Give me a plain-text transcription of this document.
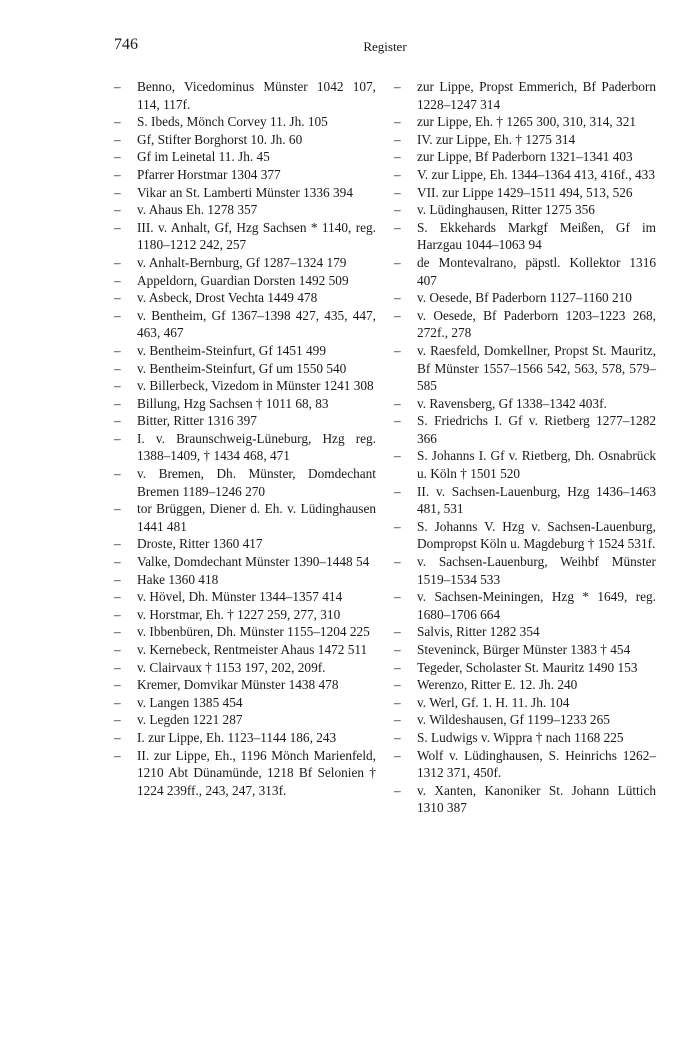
746	Register

– Benno, Vicedominus Münster 1042 107, 114, 117f.

– S. Ibeds, Mönch Corvey 11. Jh. 105

– Gf, Stifter Borghorst 10. Jh. 60

– Gf im Leinetal 11. Jh. 45

– Pfarrer Horstmar 1304 377

– Vikar an St. Lamberti Münster 1336 394

– v. Ahaus Eh. 1278 357

– III. v. Anhalt, Gf, Hzg Sachsen * 1140, reg. 1180–1212 242, 257

– v. Anhalt-Bernburg, Gf 1287–1324 179

– Appeldorn, Guardian Dorsten 1492 509

– v. Asbeck, Drost Vechta 1449 478

– v. Bentheim, Gf 1367–1398 427, 435, 447, 463, 467

– v. Bentheim-Steinfurt, Gf 1451 499

– v. Bentheim-Steinfurt, Gf um 1550 540

– v. Billerbeck, Vizedom in Münster 1241 308

– Billung, Hzg Sachsen † 1011 68, 83

– Bitter, Ritter 1316 397

– I. v. Braunschweig-Lüneburg, Hzg reg. 1388–1409, † 1434 468, 471

– v. Bremen, Dh. Münster, Domdechant Bremen 1189–1246 270

– tor Brüggen, Diener d. Eh. v. Lüdinghausen 1441 481

– Droste, Ritter 1360 417

– Valke, Domdechant Münster 1390–1448 54

– Hake 1360 418

– v. Hövel, Dh. Münster 1344–1357 414

– v. Horstmar, Eh. † 1227 259, 277, 310

– v. Ibbenbüren, Dh. Münster 1155–1204 225

– v. Kernebeck, Rentmeister Ahaus 1472 511

– v. Clairvaux † 1153 197, 202, 209f.

– Kremer, Domvikar Münster 1438 478

– v. Langen 1385 454

– v. Legden 1221 287

– I. zur Lippe, Eh. 1123–1144 186, 243

– II. zur Lippe, Eh., 1196 Mönch Marienfeld, 1210 Abt Dünamünde, 1218 Bf Selonien † 1224 239ff., 243, 247, 313f.

– zur Lippe, Propst Emmerich, Bf Paderborn 1228–1247 314

– zur Lippe, Eh. † 1265 300, 310, 314, 321

– IV. zur Lippe, Eh. † 1275 314

– zur Lippe, Bf Paderborn 1321–1341 403

– V. zur Lippe, Eh. 1344–1364 413, 416f., 433

– VII. zur Lippe 1429–1511 494, 513, 526

– v. Lüdinghausen, Ritter 1275 356

– S. Ekkehards Markgf Meißen, Gf im Harzgau 1044–1063 94

– de Montevalrano, päpstl. Kollektor 1316 407

– v. Oesede, Bf Paderborn 1127–1160 210

– v. Oesede, Bf Paderborn 1203–1223 268, 272f., 278

– v. Raesfeld, Domkellner, Propst St. Mauritz, Bf Münster 1557–1566 542, 563, 578, 579–585

– v. Ravensberg, Gf 1338–1342 403f.

– S. Friedrichs I. Gf v. Rietberg 1277–1282 366

– S. Johanns I. Gf v. Rietberg, Dh. Osnabrück u. Köln † 1501 520

– II. v. Sachsen-Lauenburg, Hzg 1436–1463 481, 531

– S. Johanns V. Hzg v. Sachsen-Lauenburg, Dompropst Köln u. Magdeburg † 1524 531f.

– v. Sachsen-Lauenburg, Weihbf Münster 1519–1534 533

– v. Sachsen-Meiningen, Hzg * 1649, reg. 1680–1706 664

– Salvis, Ritter 1282 354

– Steveninck, Bürger Münster 1383 † 454

– Tegeder, Scholaster St. Mauritz 1490 153

– Werenzo, Ritter E. 12. Jh. 240

– v. Werl, Gf. 1. H. 11. Jh. 104

– v. Wildeshausen, Gf 1199–1233 265

– S. Ludwigs v. Wippra † nach 1168 225

– Wolf v. Lüdinghausen, S. Heinrichs 1262–1312 371, 450f.

– v. Xanten, Kanoniker St. Johann Lüttich 1310 387
